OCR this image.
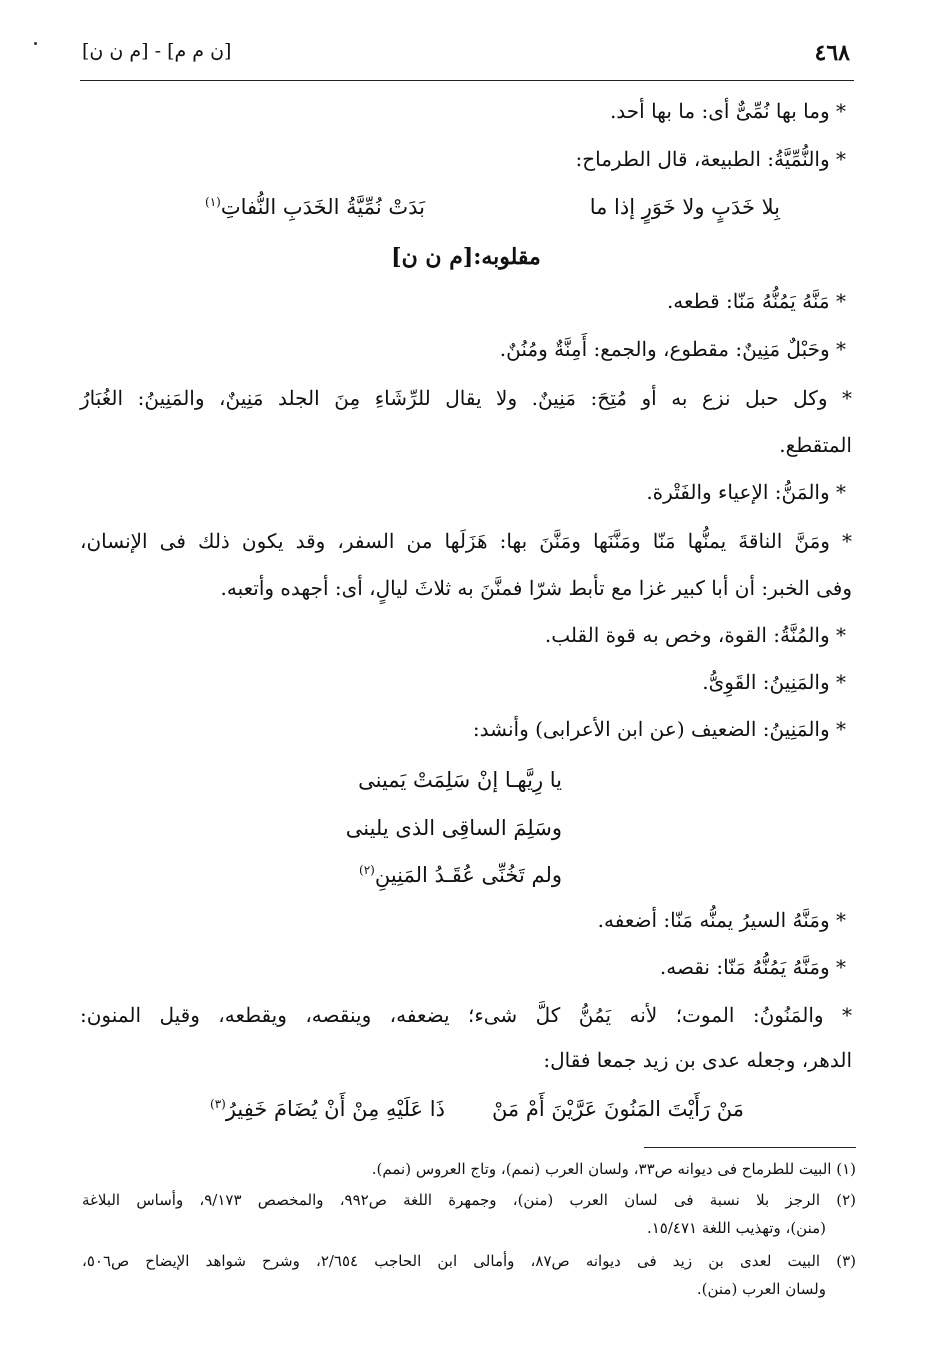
٤٦٨
[ن م م] - [م ن ن]
* وما بها نُمِّىٌّ أى: ما بها أحد.
* والنُّمِّيَّةُ: الطبيعة، قال الطرماح:
بِلا خَدَبٍ ولا خَوَرٍ إذا ما
بَدَتْ نُمِّيَّةُ الخَدَبِ النُّفاتِ$^{(١)}$
مقلوبه:[م ن ن]
* مَنَّهُ يَمُنُّهُ مَنّا: قطعه.
* وحَبْلٌ مَنِينٌ: مقطوع، والجمع: أَمِنَّةٌ ومُنُنٌ.
* وكل حبل نزع به أو مُتِحَ: مَنِينٌ. ولا يقال للرِّشَاءِ مِنَ الجلد مَنِينٌ، والمَنِينُ: الغُبَارُ
المتقطع.
* والمَنُّ: الإعياء والفَتْرة.
* ومَنَّ الناقةَ يمنُّها مَنّا ومَنَّنَها ومَنَّنَ بها: هَزَلَها من السفر، وقد يكون ذلك فى الإنسان،
وفى الخبر: أن أبا كبير غزا مع تأبط شرّا فمنَّنَ به ثلاثَ ليالٍ، أى: أجهده وأتعبه.
* والمُنَّةُ: القوة، وخص به قوة القلب.
* والمَنِينُ: القَوِىُّ.
* والمَنِينُ: الضعيف (عن ابن الأعرابى) وأنشد:
يا رِيَّهـا إنْ سَلِمَتْ يَمينى
وسَلِمَ الساقِى الذى يلينى
ولم تَخُنِّى عُقَـدُ المَنِينِ$^{(٢)}$
* ومَنَّهُ السيرُ يمنُّه مَنّا: أضعفه.
* ومَنَّهُ يَمُنُّهُ مَنّا: نقصه.
* والمَنُونُ: الموت؛ لأنه يَمُنُّ كلَّ شىء؛ يضعفه، وينقصه، ويقطعه، وقيل المنون:
الدهر، وجعله عدى بن زيد جمعا فقال:
مَنْ رَأَيْتَ المَنُونَ عَرَّيْنَ أَمْ مَنْ
ذَا عَلَيْهِ مِنْ أَنْ يُضَامَ خَفِيرُ$^{(٣)}$
(١) البيت للطرماح فى ديوانه ص٣٣، ولسان العرب (نمم)، وتاج العروس (نمم).
(٢) الرجز بلا نسبة فى لسان العرب (منن)، وجمهرة اللغة ص٩٩٢، والمخصص ٩/١٧٣، وأساس البلاغة
(منن)، وتهذيب اللغة ١٥/٤٧١.
(٣) البيت لعدى بن زيد فى ديوانه ص٨٧، وأمالى ابن الحاجب ٢/٦٥٤، وشرح شواهد الإيضاح ص٥٠٦،
ولسان العرب (منن).
